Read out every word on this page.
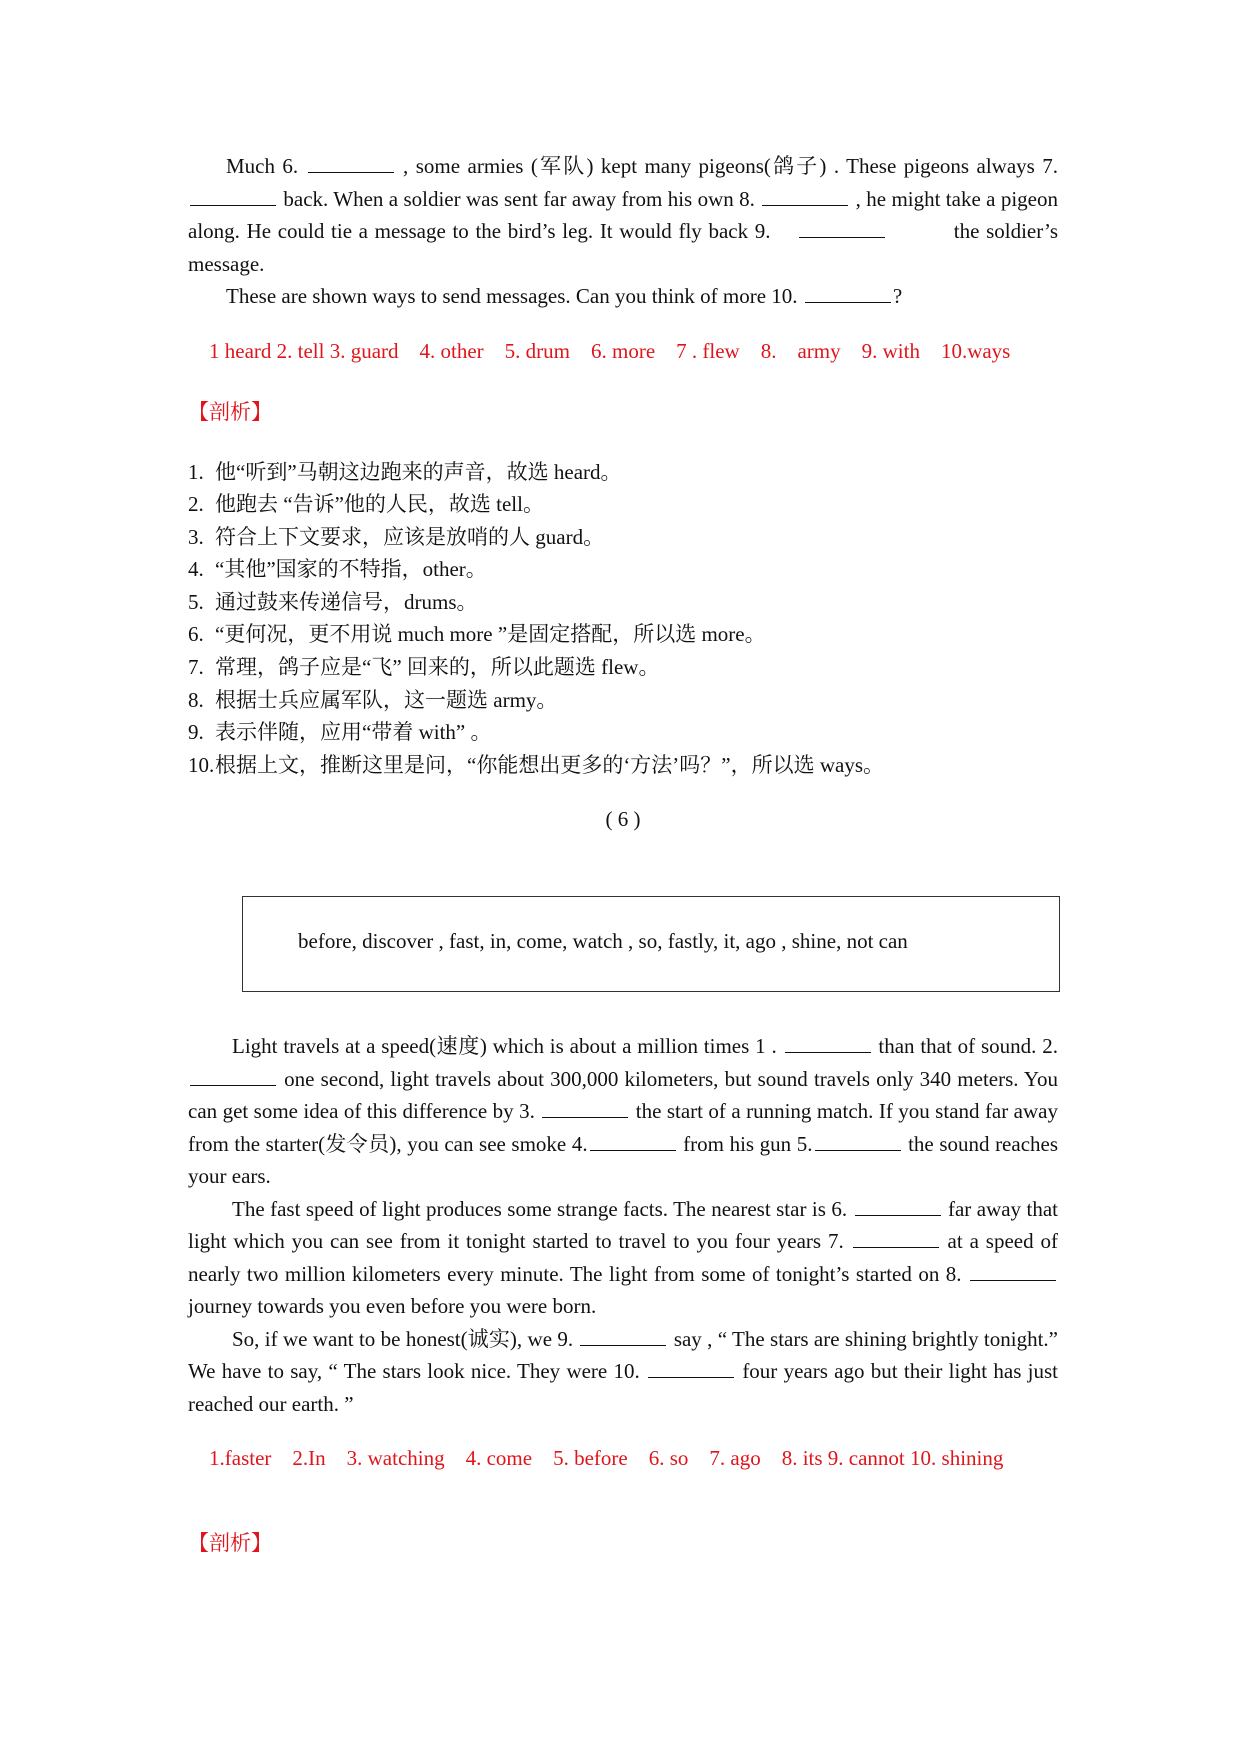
Much 6.	, some armies (军队) kept many pigeons(鸽子) . These pigeons always 7.  back. When a soldier was sent far away from his own 8.	, he might take a pigeon along. He could tie a message to the bird’s leg. It would fly back 9.	the soldier’s message.

These are shown ways to send messages. Can you think of more 10.	?

1 heard 2. tell 3. guard    4. other    5. drum    6. more    7 . flew    8.    army    9. with    10.ways

【剖析】

1. 他“听到”马朝这边跑来的声音，故选 heard。
2. 他跑去 “告诉”他的人民，故选 tell。
3. 符合上下文要求，应该是放哨的人 guard。
4. “其他”国家的不特指，other。
5. 通过鼓来传递信号，drums。
6. “更何况，更不用说 much more ”是固定搭配，所以选 more。
7. 常理，鸽子应是“飞” 回来的，所以此题选 flew。
8. 根据士兵应属军队，这一题选 army。
9. 表示伴随，应用“带着 with” 。
10. 根据上文，推断这里是问，“你能想出更多的‘方法’吗？”，所以选 ways。

( 6 )

before, discover , fast, in, come, watch , so, fastly, it, ago , shine, not can

Light travels at a speed(速度) which is about a million times 1 .	than that of sound. 2.  one second, light travels about 300,000 kilometers, but sound travels only 340 meters. You can get some idea of this difference by 3.	the start of a running match. If you stand far away from the starter(发令员), you can see smoke 4.	from his gun 5.	the sound reaches your ears.

The fast speed of light produces some strange facts. The nearest star is 6.	far away that light which you can see from it tonight started to travel to you four years 7.	at a speed of nearly two million kilometers every minute. The light from some of tonight’s started on 8.  journey towards you even before you were born.

So, if we want to be honest(诚实), we 9.	say , “ The stars are shining brightly tonight.” We have to say, “ The stars look nice. They were 10.	four years ago but their light has just reached our earth. ”

1.faster    2.In    3. watching    4. come    5. before    6. so    7. ago    8. its 9. cannot 10. shining

【剖析】
